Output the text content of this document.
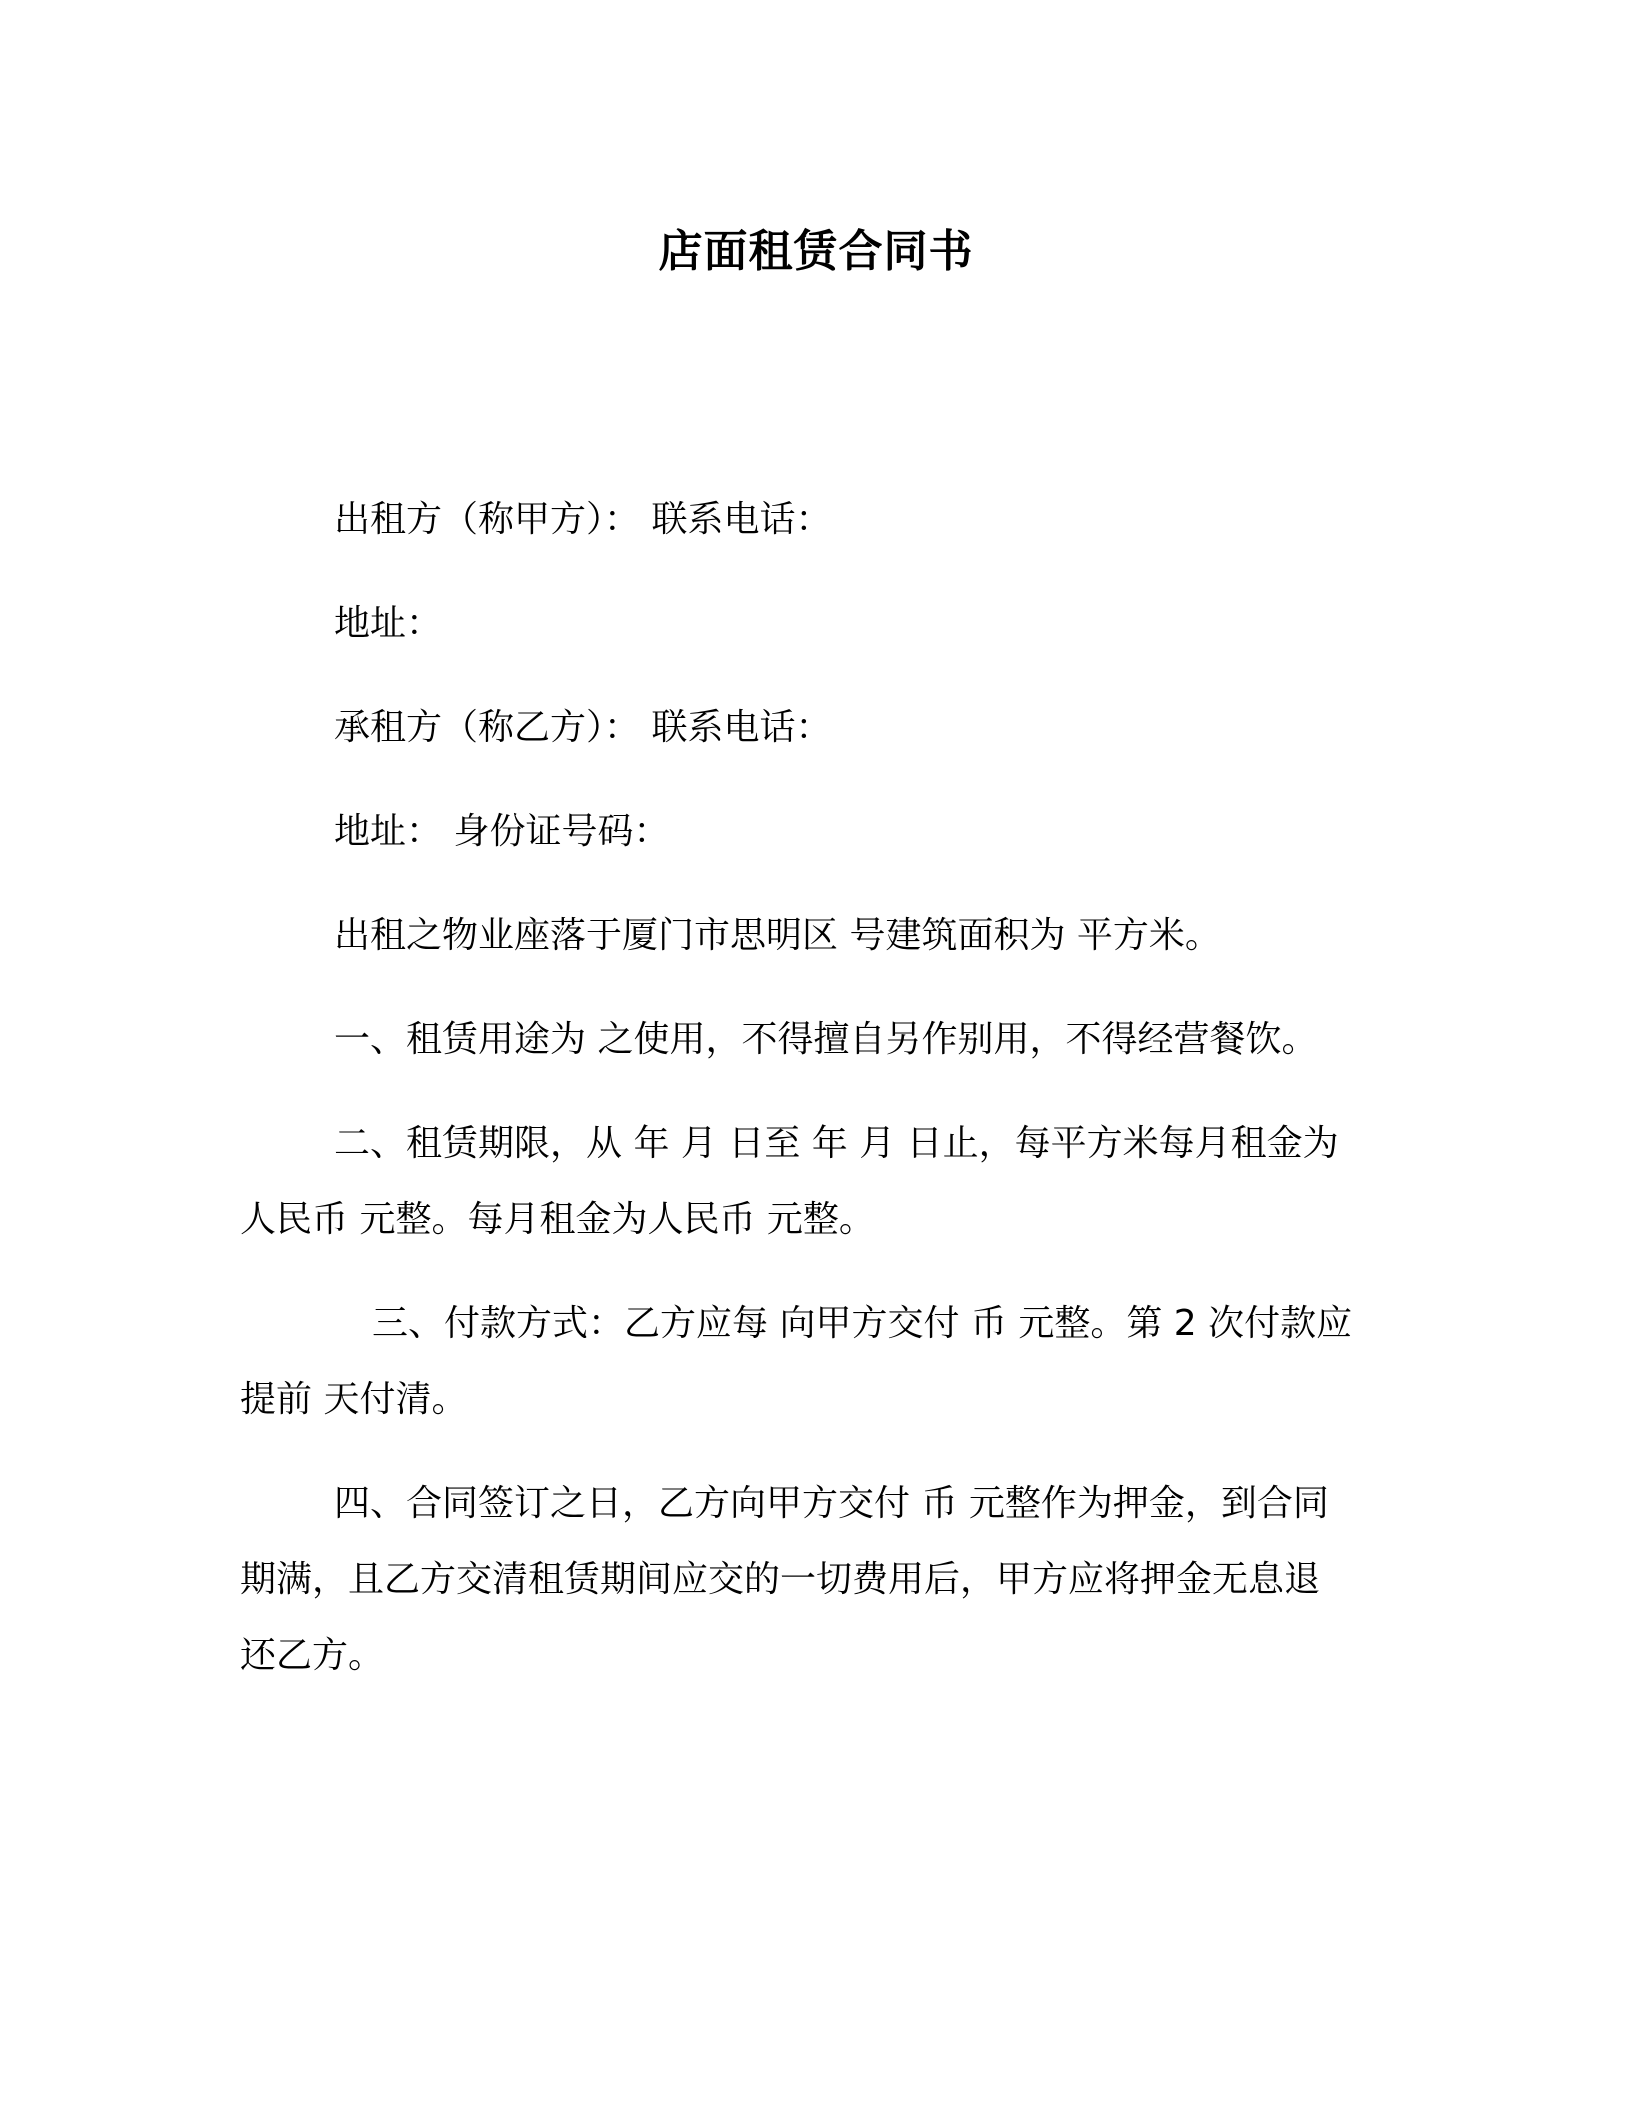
店面租赁合同书
出租方（称甲方）： 联系电话：
地址：
承租方（称乙方）： 联系电话：
地址： 身份证号码：
出租之物业座落于厦门市思明区 号建筑面积为 平方米。
一、租赁用途为 之使用，不得擅自另作别用，不得经营餐饮。
二、租赁期限，从 年 月 日至 年 月 日止，每平方米每月租金为
人民币 元整。每月租金为人民币 元整。
三、付款方式：乙方应每 向甲方交付 币 元整。第 2 次付款应
提前 天付清。
四、合同签订之日，乙方向甲方交付 币 元整作为押金，到合同
期满，且乙方交清租赁期间应交的一切费用后，甲方应将押金无息退
还乙方。
